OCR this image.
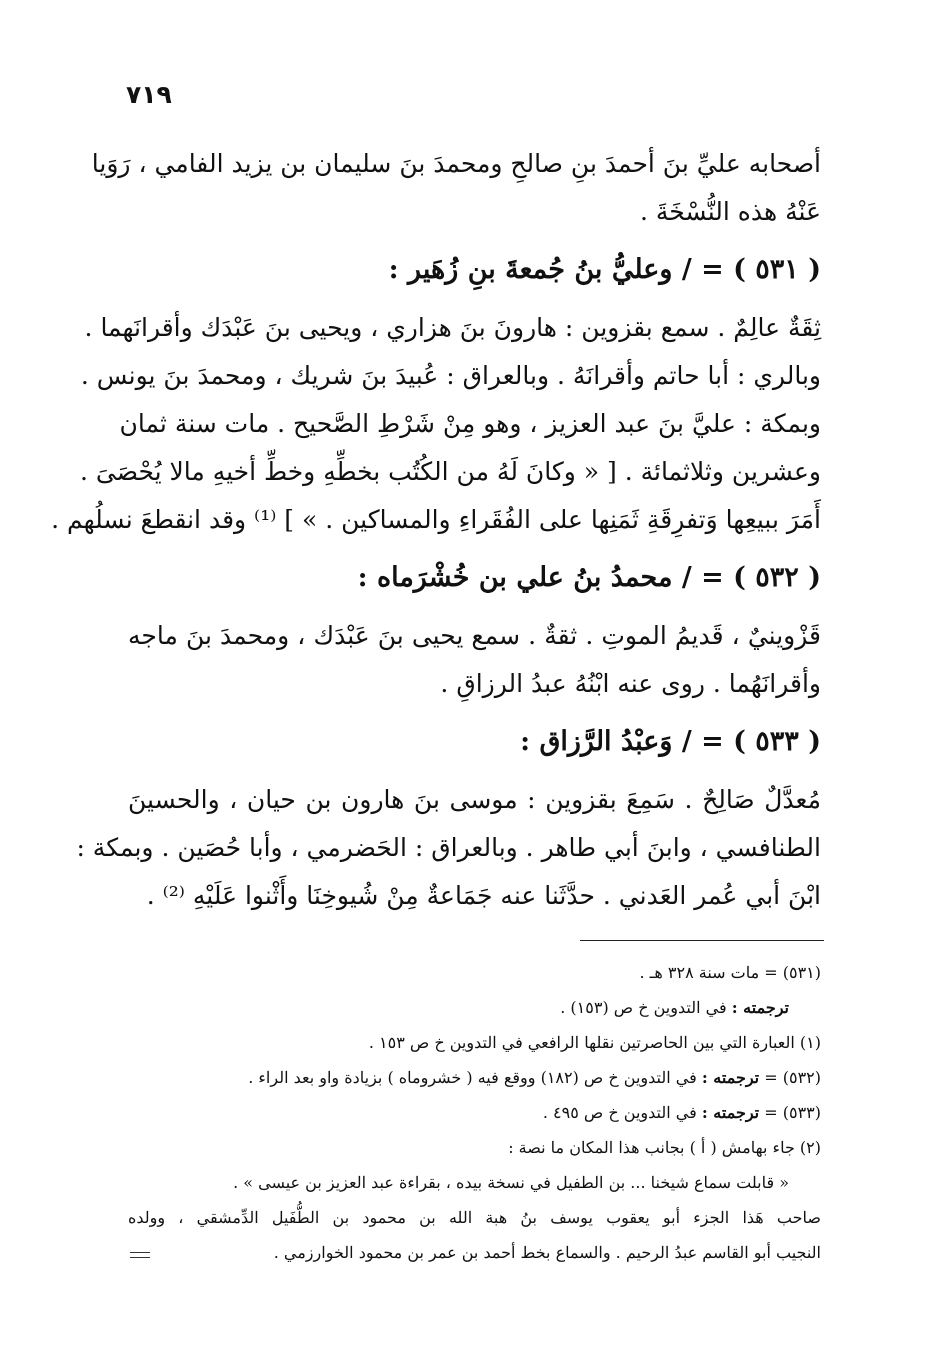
٧١٩
أصحابه عليِّ بنَ أحمدَ بنِ صالحِ ومحمدَ بنَ سليمان بن يزيد الفامي ، رَوَيا
عَنْهُ هذه النُّسْخَةَ .
( ٥٣١ ) = / وعليُّ بنُ جُمعةَ بنِ زُهَير :
ثِقَةٌ عالِمٌ . سمع بقزوين : هارونَ بنَ هزاري ، ويحيى بنَ عَبْدَك وأقرانَهما .
وبالري : أبا حاتم وأقرانَهُ . وبالعراق : عُبيدَ بنَ شريك ، ومحمدَ بنَ يونس .
وبمكة : عليَّ بنَ عبد العزيز ، وهو مِنْ شَرْطِ الصَّحيح . مات سنة ثمان
وعشرين وثلاثمائة . [ « وكانَ لَهُ من الكُتُب بخطِّهِ وخطِّ أخيهِ مالا يُحْصَىَ .
أَمَرَ ببيعِها وَتفرِقَةِ ثَمَنِها على الفُقَراءِ والمساكين . » ] ⁽¹⁾ وقد انقطعَ نسلُهم .
( ٥٣٢ ) = / محمدُ بنُ علي بن خُشْرَماه :
قَزْوينيٌ ، قَديمُ الموتِ . ثقةٌ . سمع يحيى بنَ عَبْدَك ، ومحمدَ بنَ ماجه
وأقرانَهُما . روى عنه ابْنُهُ عبدُ الرزاقِ .
( ٥٣٣ ) = / وَعبْدُ الرَّزاق :
مُعدَّلٌ صَالِحٌ . سَمِعَ بقزوين : موسى بنَ هارون بن حيان ، والحسينَ
الطنافسي ، وابنَ أبي طاهر . وبالعراق : الحَضرمي ، وأبا حُصَين . وبمكة :
ابْنَ أبي عُمر العَدني . حدَّثَنا عنه جَمَاعةٌ مِنْ شُيوخِنَا وأَثْنوا عَلَيْهِ ⁽²⁾ .
(٥٣١) = مات سنة ٣٢٨ هـ .
ترجمته : في التدوين خ ص (١٥٣) .
(١) العبارة التي بين الحاصرتين نقلها الرافعي في التدوين خ ص ١٥٣ .
(٥٣٢) = ترجمته : في التدوين خ ص (١٨٢) ووقع فيه ( خشروماه ) بزيادة واو بعد الراء .
(٥٣٣) = ترجمته : في التدوين خ ص ٤٩٥ .
(٢) جاء بهامش ( أ ) بجانب هذا المكان ما نصة :
« قابلت سماع شيخنا ... بن الطفيل في نسخة بيده ، بقراءة عبد العزيز بن عيسى » .
صاحب هَذا الجزء أبو يعقوب يوسف بنُ هبة الله بن محمود بن الطُّفَيل الدِّمشقي ، وولده
النجيب أبو القاسم عبدُ الرحيم . والسماع بخط أحمد بن عمر بن محمود الخوارزمي .
